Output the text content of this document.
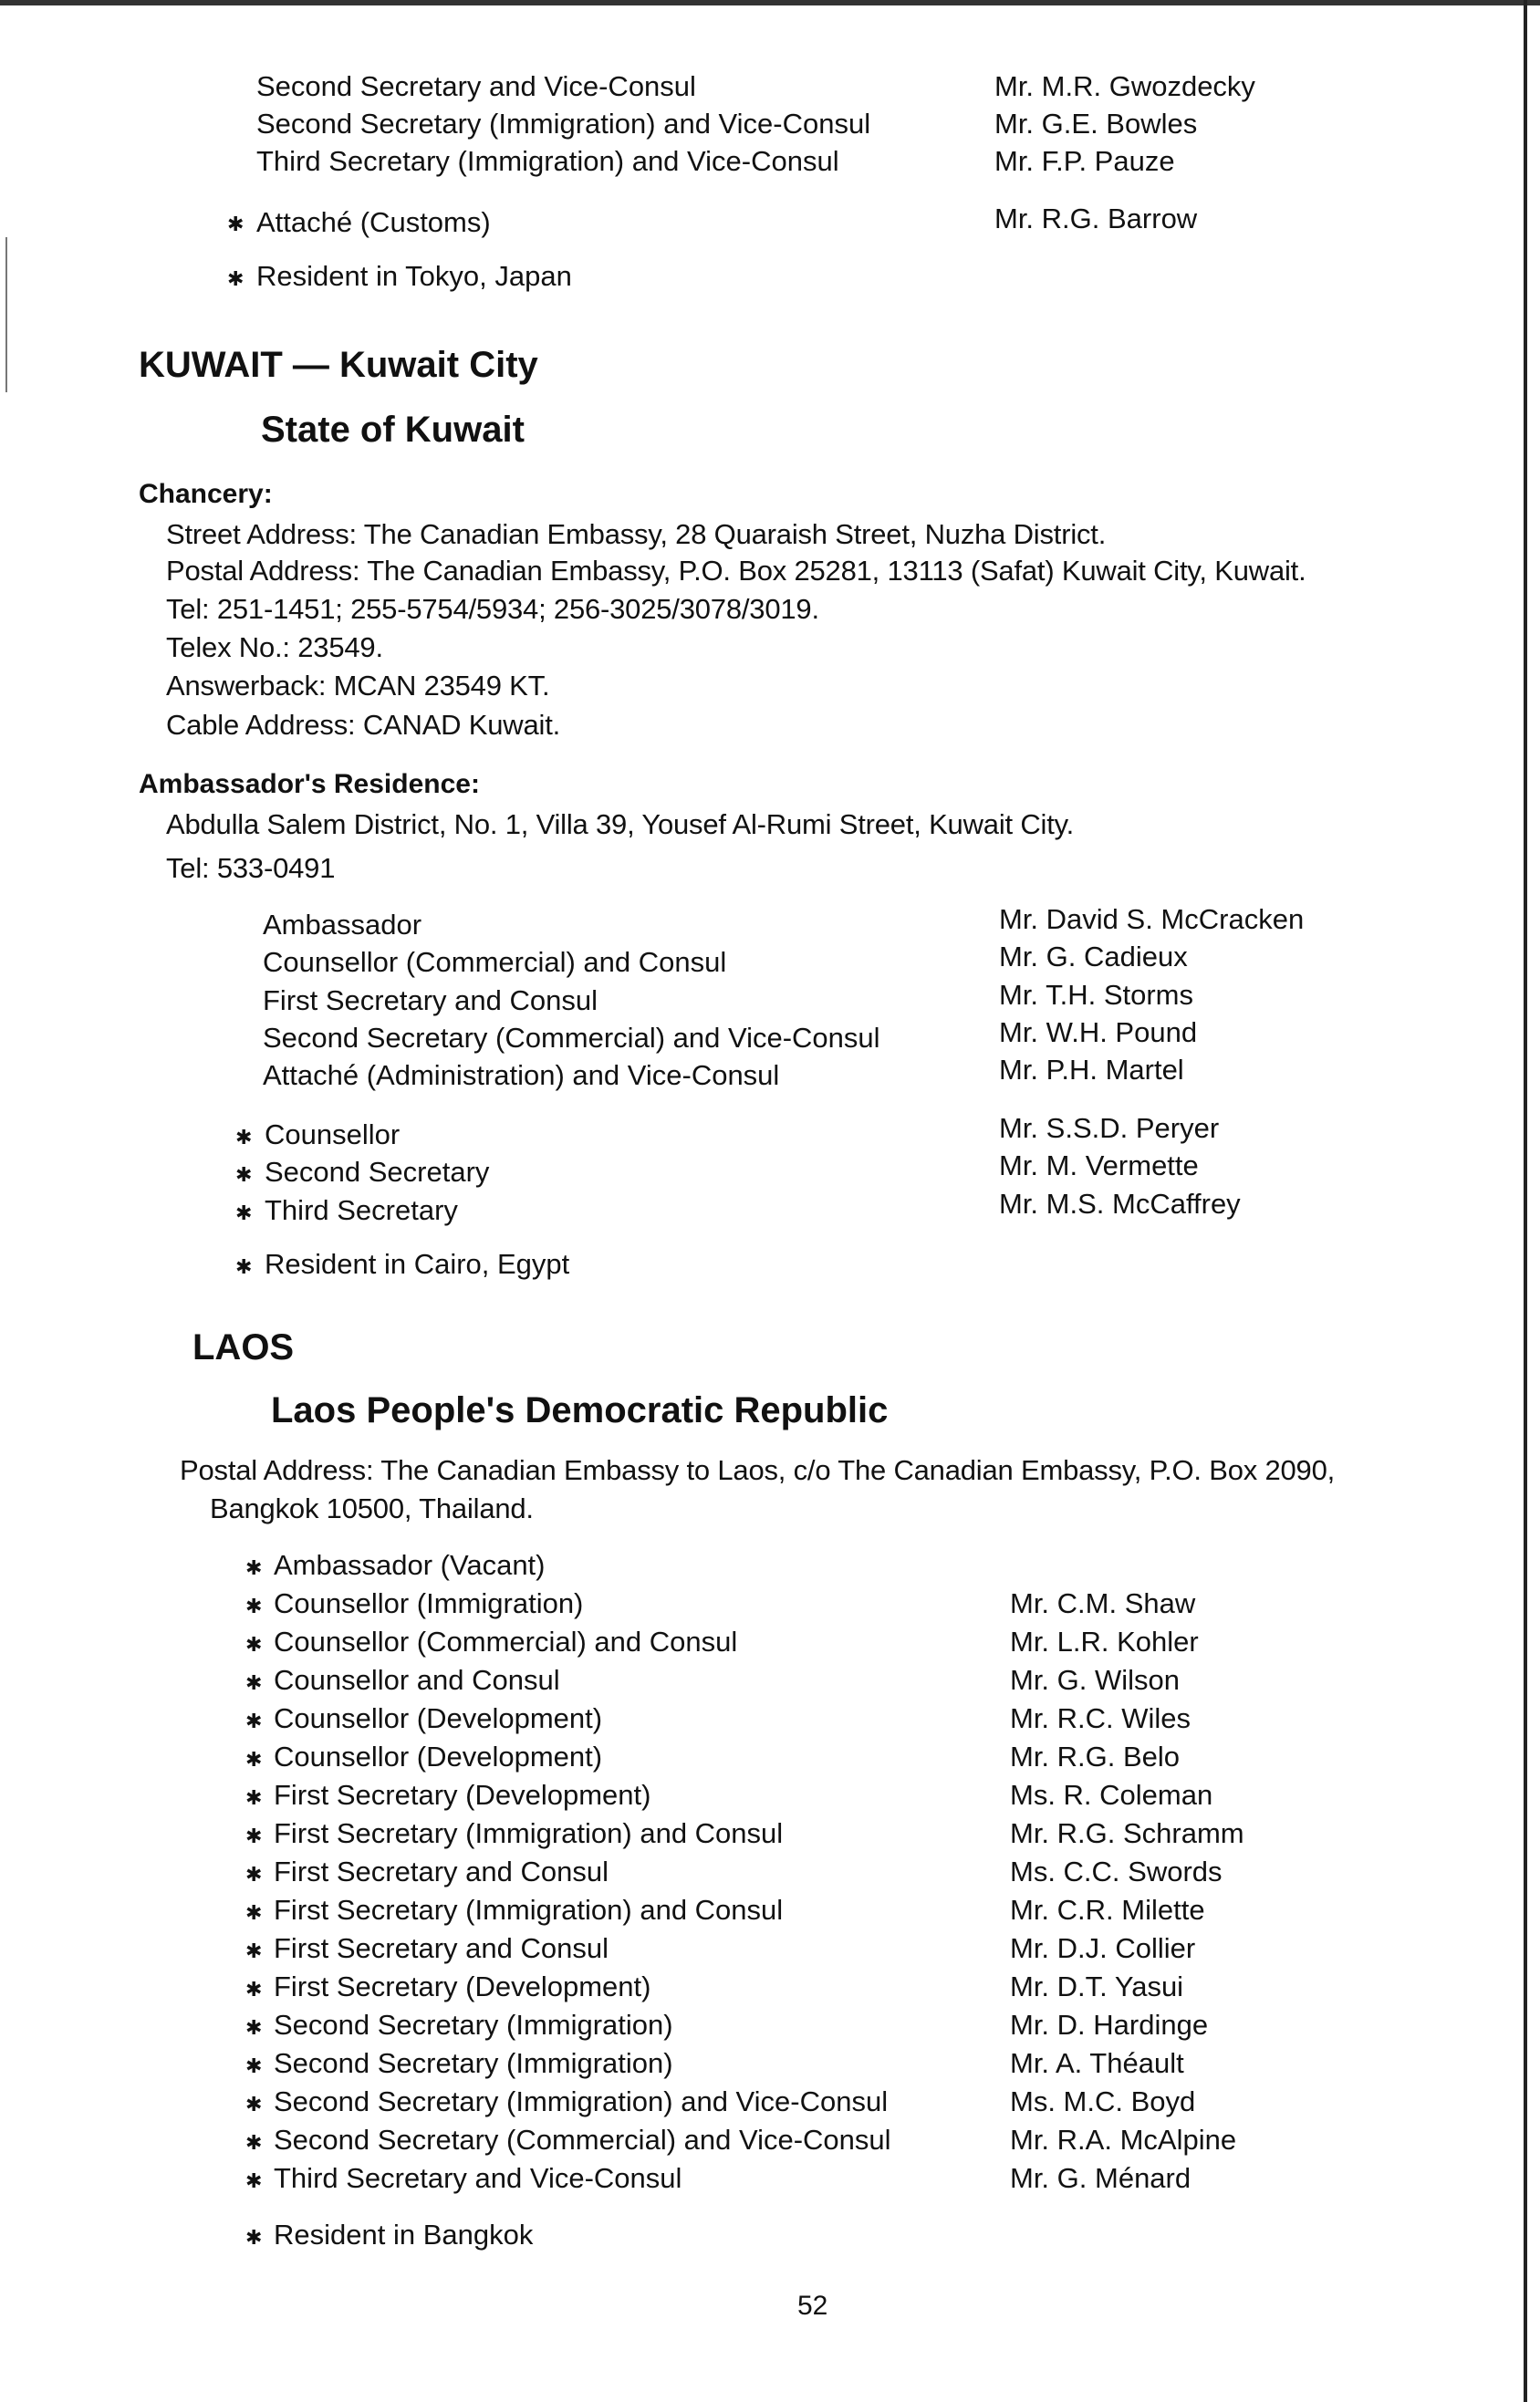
Second Secretary and Vice-Consul	Mr. M.R. Gwozdecky
Second Secretary (Immigration) and Vice-Consul	Mr. G.E. Bowles
Third Secretary (Immigration) and Vice-Consul	Mr. F.P. Pauze
✱ Attaché (Customs)	Mr. R.G. Barrow
✱ Resident in Tokyo, Japan
KUWAIT — Kuwait City
State of Kuwait
Chancery:
Street Address: The Canadian Embassy, 28 Quaraish Street, Nuzha District.
Postal Address: The Canadian Embassy, P.O. Box 25281, 13113 (Safat) Kuwait City, Kuwait.
Tel: 251-1451; 255-5754/5934; 256-3025/3078/3019.
Telex No.: 23549.
Answerback: MCAN 23549 KT.
Cable Address: CANAD Kuwait.
Ambassador's Residence:
Abdulla Salem District, No. 1, Villa 39, Yousef Al-Rumi Street, Kuwait City.
Tel: 533-0491
Ambassador	Mr. David S. McCracken
Counsellor (Commercial) and Consul	Mr. G. Cadieux
First Secretary and Consul	Mr. T.H. Storms
Second Secretary (Commercial) and Vice-Consul	Mr. W.H. Pound
Attaché (Administration) and Vice-Consul	Mr. P.H. Martel
✱ Counsellor	Mr. S.S.D. Peryer
✱ Second Secretary	Mr. M. Vermette
✱ Third Secretary	Mr. M.S. McCaffrey
✱ Resident in Cairo, Egypt
LAOS
Laos People's Democratic Republic
Postal Address: The Canadian Embassy to Laos, c/o The Canadian Embassy, P.O. Box 2090,
Bangkok 10500, Thailand.
✱ Ambassador (Vacant)
✱ Counsellor (Immigration)	Mr. C.M. Shaw
✱ Counsellor (Commercial) and Consul	Mr. L.R. Kohler
✱ Counsellor and Consul	Mr. G. Wilson
✱ Counsellor (Development)	Mr. R.C. Wiles
✱ Counsellor (Development)	Mr. R.G. Belo
✱ First Secretary (Development)	Ms. R. Coleman
✱ First Secretary (Immigration) and Consul	Mr. R.G. Schramm
✱ First Secretary and Consul	Ms. C.C. Swords
✱ First Secretary (Immigration) and Consul	Mr. C.R. Milette
✱ First Secretary and Consul	Mr. D.J. Collier
✱ First Secretary (Development)	Mr. D.T. Yasui
✱ Second Secretary (Immigration)	Mr. D. Hardinge
✱ Second Secretary (Immigration)	Mr. A. Théault
✱ Second Secretary (Immigration) and Vice-Consul	Ms. M.C. Boyd
✱ Second Secretary (Commercial) and Vice-Consul	Mr. R.A. McAlpine
✱ Third Secretary and Vice-Consul	Mr. G. Ménard
✱ Resident in Bangkok
52
